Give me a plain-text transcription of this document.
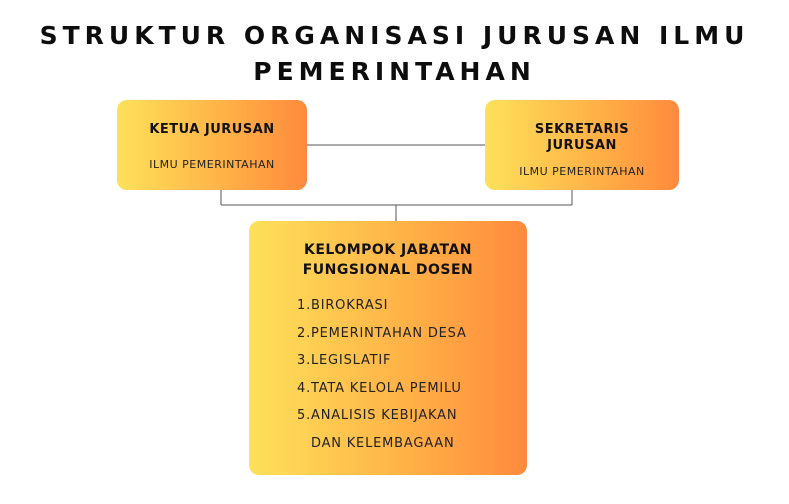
STRUKTUR ORGANISASI JURUSAN ILMU
PEMERINTAHAN
KETUA JURUSAN
ILMU PEMERINTAHAN
SEKRETARIS
JURUSAN
ILMU PEMERINTAHAN
KELOMPOK JABATAN
FUNGSIONAL DOSEN
1. BIROKRASI
2. PEMERINTAHAN DESA
3. LEGISLATIF
4. TATA KELOLA PEMILU
5. ANALISIS KEBIJAKAN
DAN KELEMBAGAAN
